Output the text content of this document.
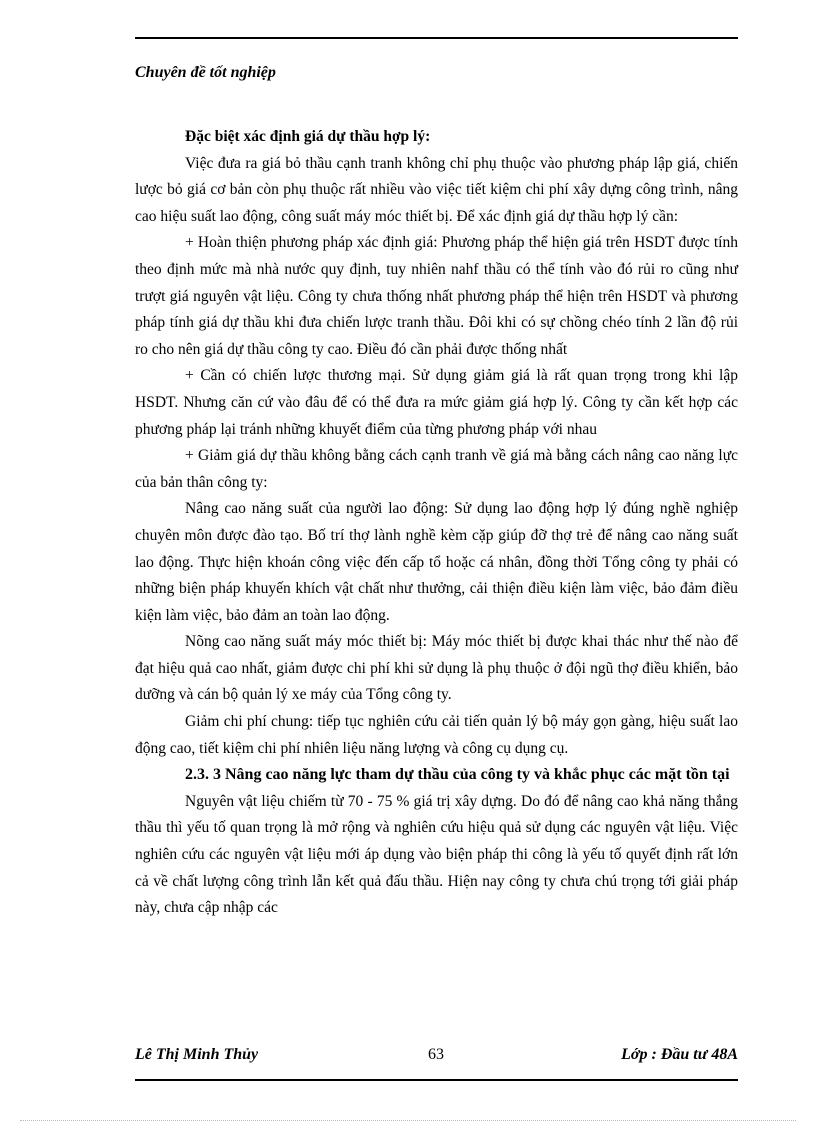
Chuyên đề tốt nghiệp

Đặc biệt xác định giá dự thầu hợp lý:

Việc đưa ra giá bỏ thầu cạnh tranh không chỉ phụ thuộc vào phương pháp lập giá, chiến lược bỏ giá cơ bản còn phụ thuộc rất nhiều vào việc tiết kiệm chi phí xây dựng công trình, nâng cao hiệu suất lao động, công suất máy móc thiết bị. Để xác định giá dự thầu hợp lý cần:

+ Hoàn thiện phương pháp xác định giá: Phương pháp thể hiện giá trên HSDT được tính theo định mức mà nhà nước quy định, tuy nhiên nahf thầu có thể tính vào đó rủi ro cũng như trượt giá nguyên vật liệu. Công ty chưa thống nhất phương pháp thể hiện trên HSDT và phương pháp tính giá dự thầu khi đưa chiến lược tranh thầu. Đôi khi có sự chồng chéo tính 2 lần độ rủi ro cho nên giá dự thầu công ty cao. Điều đó cần phải được thống nhất

+ Cần có chiến lược thương mại. Sử dụng giảm giá là rất quan trọng trong khi lập HSDT. Nhưng căn cứ vào đâu để có thể đưa ra mức giảm giá hợp lý. Công ty cần kết hợp các phương pháp lại tránh những khuyết điểm của từng phương pháp với nhau

+ Giảm giá dự thầu không bằng cách cạnh tranh về giá mà bằng cách nâng cao năng lực của bản thân công ty:

Nâng cao năng suất của người lao động: Sử dụng lao động hợp lý đúng nghề nghiệp chuyên môn được đào tạo. Bố trí thợ lành nghề kèm cặp giúp đỡ thợ trẻ để nâng cao năng suất lao động. Thực hiện khoán công việc đến cấp tổ hoặc cá nhân, đồng thời Tổng công ty phải có những biện pháp khuyến khích vật chất như thưởng, cải thiện điều kiện làm việc, bảo đảm điều kiện làm việc, bảo đảm an toàn lao động.

Nõng cao năng suất máy móc thiết bị: Máy móc thiết bị được khai thác như thế nào để đạt hiệu quả cao nhất, giảm được chi phí khi sử dụng là phụ thuộc ở đội ngũ thợ điều khiển, bảo dưỡng và cán bộ quản lý xe máy của Tổng công ty.

Giảm chi phí chung: tiếp tục nghiên cứu cải tiến quản lý bộ máy gọn gàng, hiệu suất lao động cao, tiết kiệm chi phí nhiên liệu năng lượng và công cụ dụng cụ.

2.3. 3 Nâng cao năng lực tham dự thầu của công ty và khắc phục các mặt tồn tại

Nguyên vật liệu chiếm từ 70 - 75 % giá trị xây dựng. Do đó để nâng cao khả năng thắng thầu thì yếu tố quan trọng là mở rộng và nghiên cứu hiệu quả sử dụng các nguyên vật liệu. Việc nghiên cứu các nguyên vật liệu mới áp dụng vào biện pháp thi công là yếu tố quyết định rất lớn cả về chất lượng công trình lẫn kết quả đấu thầu. Hiện nay công ty chưa chú trọng tới giải pháp này, chưa cập nhập các

Lê Thị Minh Thủy	63	Lớp : Đầu tư 48A
